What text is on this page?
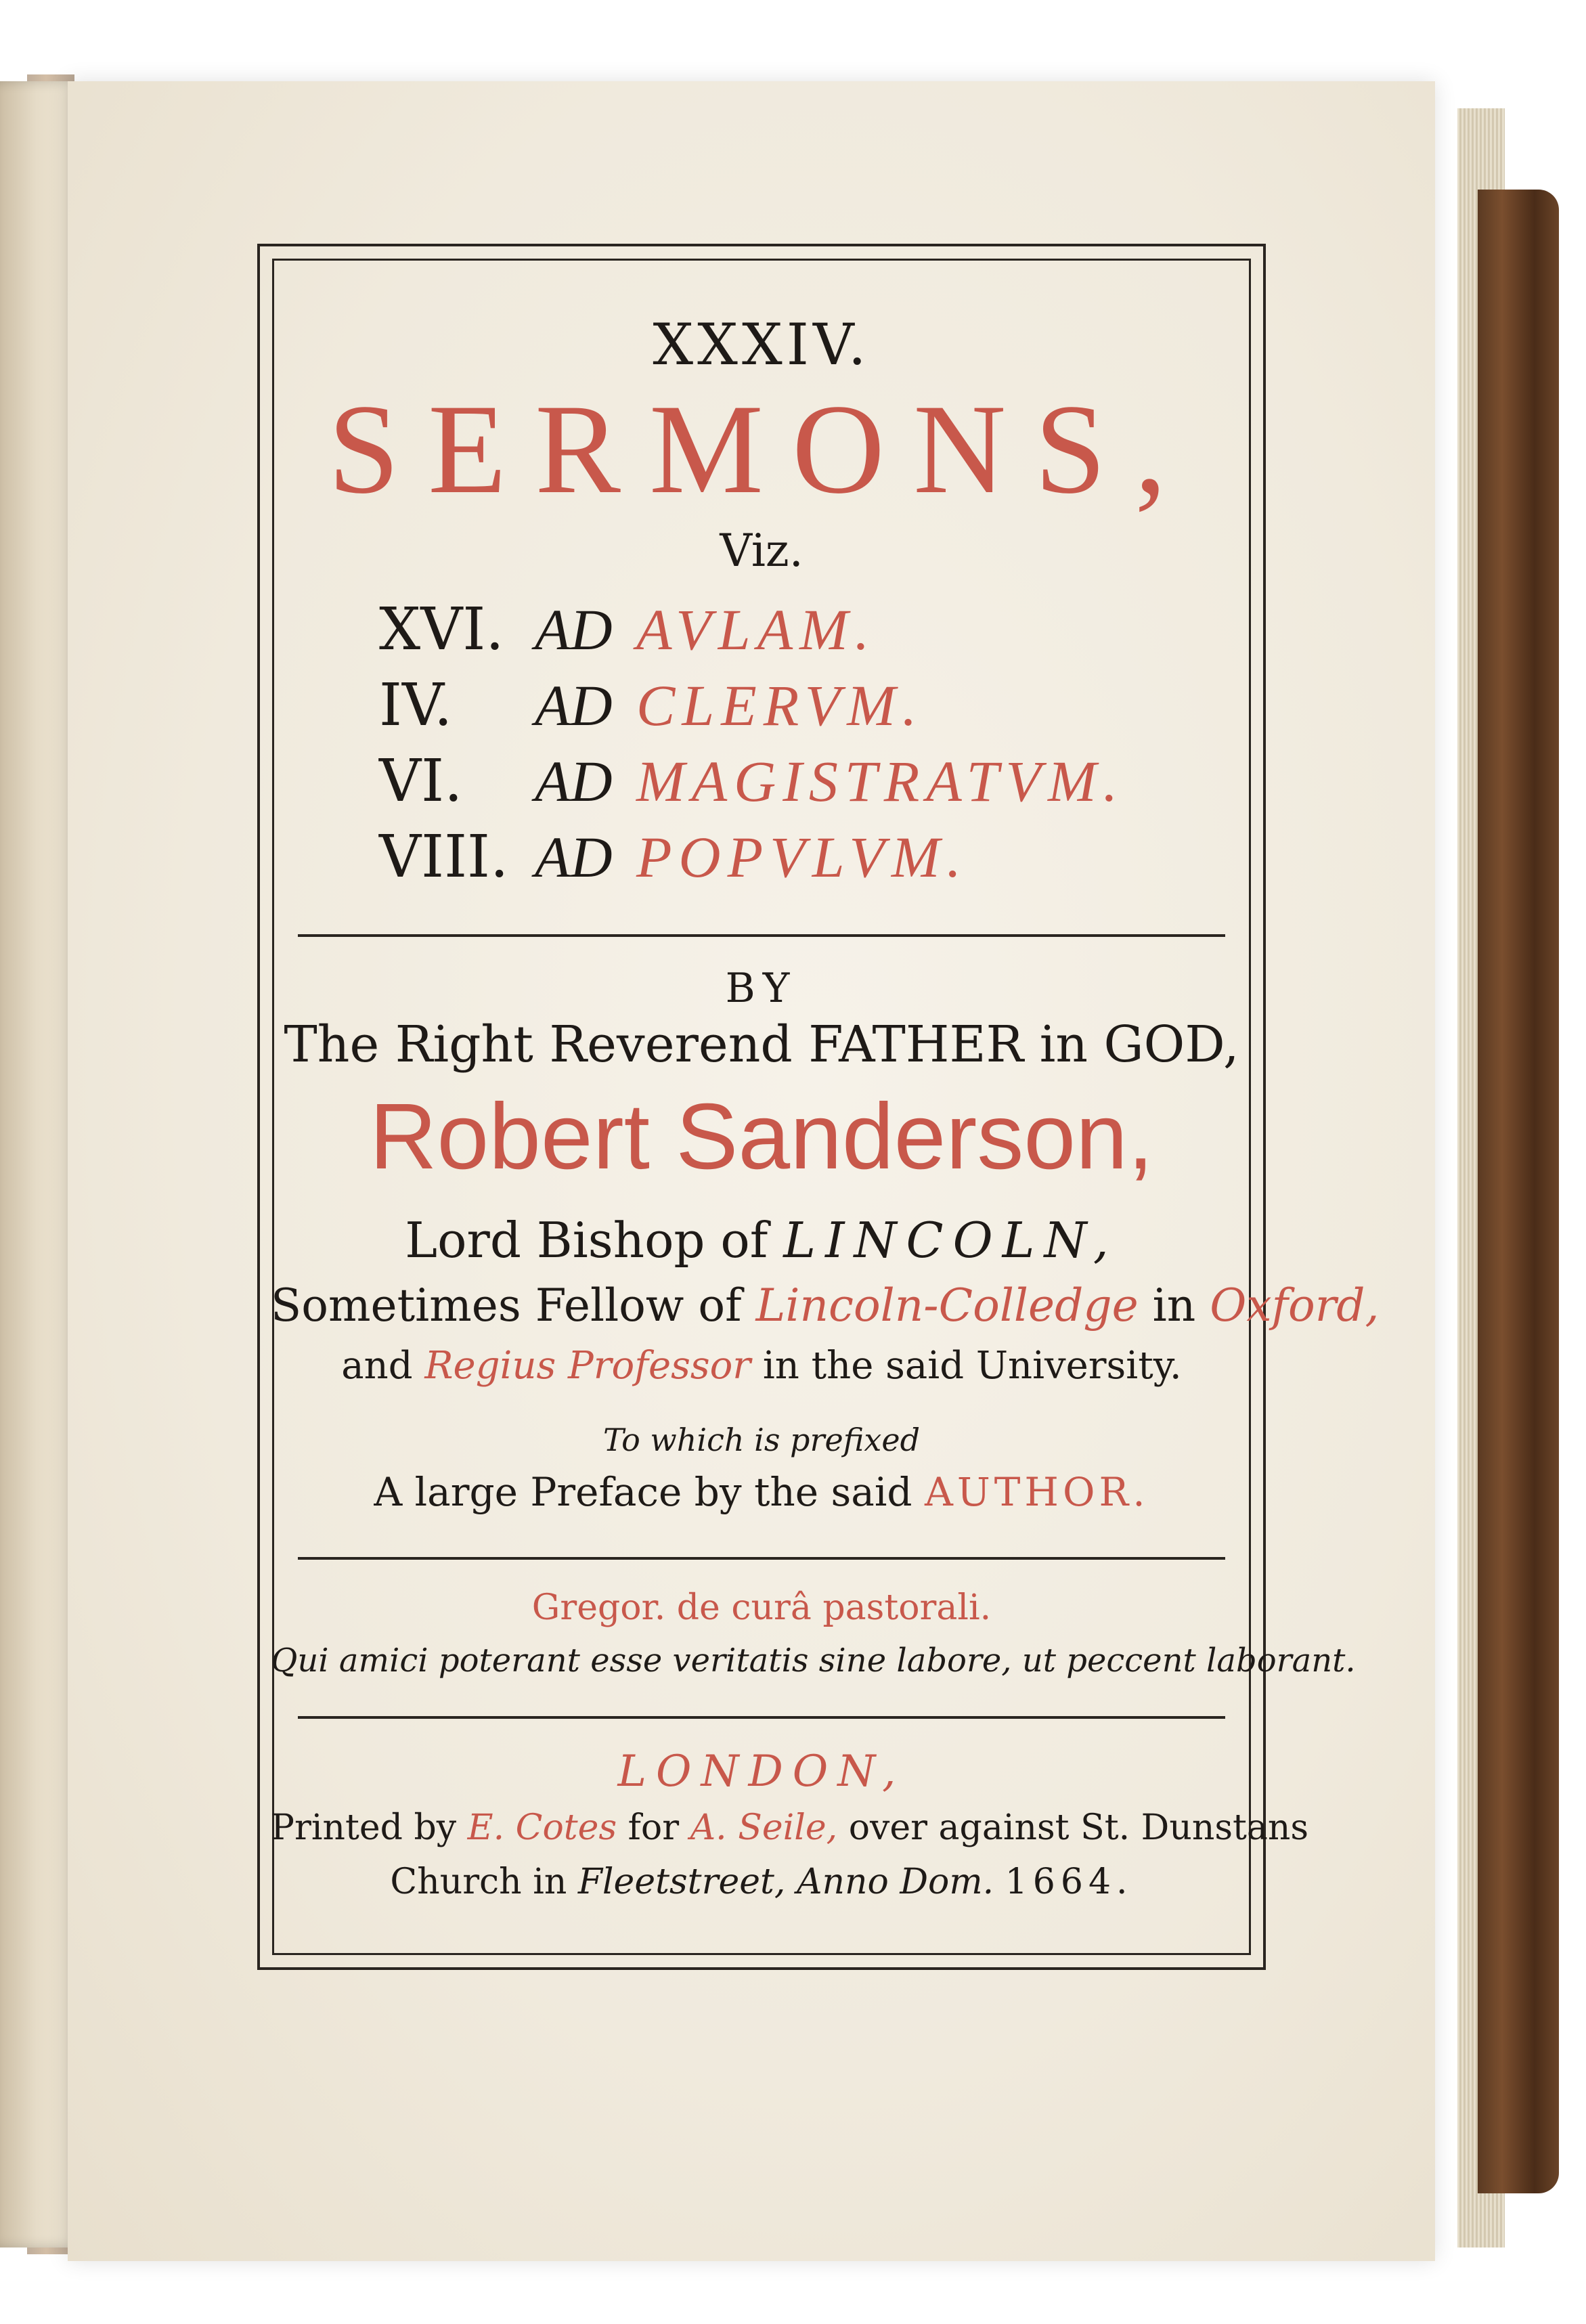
XXXIV.
SERMONS,
Viz.
XVI. AD AVLAM.
IV. AD CLERVM.
VI. AD MAGISTRATVM.
VIII. AD POPVLVM.
BY
The Right Reverend FATHER in GOD,
Robert Sanderson,
Lord Bishop of LINCOLN,
Sometimes Fellow of Lincoln-Colledge in Oxford,
and Regius Professor in the said University.
To which is prefixed
A large Preface by the said AUTHOR.
Gregor. de curâ pastorali.
Qui amici poterant esse veritatis sine labore, ut peccent laborant.
LONDON,
Printed by E. Cotes for A. Seile, over against St. Dunstans
Church in Fleetstreet, Anno Dom. 1664.
